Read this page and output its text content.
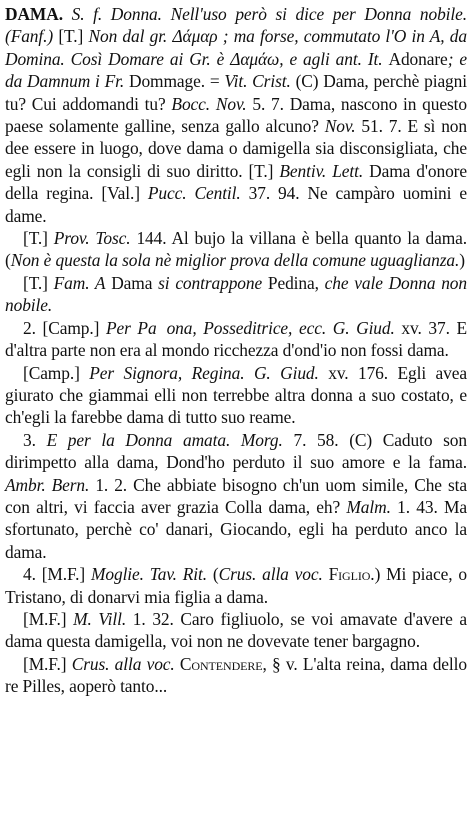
DAMA. S. f. Donna. Nell'uso però si dice per Donna nobile. (Fanf.) [T.] Non dal gr. Δάμαρ ; ma forse, commutato l'O in A, da Domina. Così Domare ai Gr. è Δαμάω, e agli ant. It. Adonare; e da Damnum i Fr. Dommage. = Vit. Crist. (C) Dama, perchè piagni tu? Cui addomandi tu? Bocc. Nov. 5. 7. Dama, nascono in questo paese solamente galline, senza gallo alcuno? Nov. 51. 7. E sì non dee essere in luogo, dove dama o damigella sia disconsigliata, che egli non la consigli di suo diritto. [T.] Bentiv. Lett. Dama d'onore della regina. [Val.] Pucc. Centil. 37. 94. Ne campàro uomini e dame.

[T.] Prov. Tosc. 144. Al bujo la villana è bella quanto la dama. (Non è questa la sola nè miglior prova della comune uguaglianza.)

[T.] Fam. A Dama si contrappone Pedina, che vale Donna non nobile.

2. [Camp.] Per Pa  ona, Posseditrice, ecc. G. Giud. xv. 37. E d'altra parte non era al mondo ricchezza d'ond'io non fossi dama.

[Camp.] Per Signora, Regina. G. Giud. xv. 176. Egli avea giurato che giammai elli non terrebbe altra donna a suo costato, e ch'egli la farebbe dama di tutto suo reame.

3. E per la Donna amata. Morg. 7. 58. (C) Caduto son dirimpetto alla dama, Dond'ho perduto il suo amore e la fama. Ambr. Bern. 1. 2. Che abbiate bisogno ch'un uom simile, Che sta con altri, vi faccia aver grazia Colla dama, eh? Malm. 1. 43. Ma sfortunato, perchè co' danari, Giocando, egli ha perduto anco la dama.

4. [M.F.] Moglie. Tav. Rit. (Crus. alla voc. Figlio.) Mi piace, o Tristano, di donarvi mia figlia a dama.

[M.F.] M. Vill. 1. 32. Caro figliuolo, se voi amavate d'avere a dama questa damigella, voi non ne dovevate tener bargagno.

[M.F.] Crus. alla voc. Contendere, § v. L'alta reina, dama dello re Pilles, aoperò tanto...
